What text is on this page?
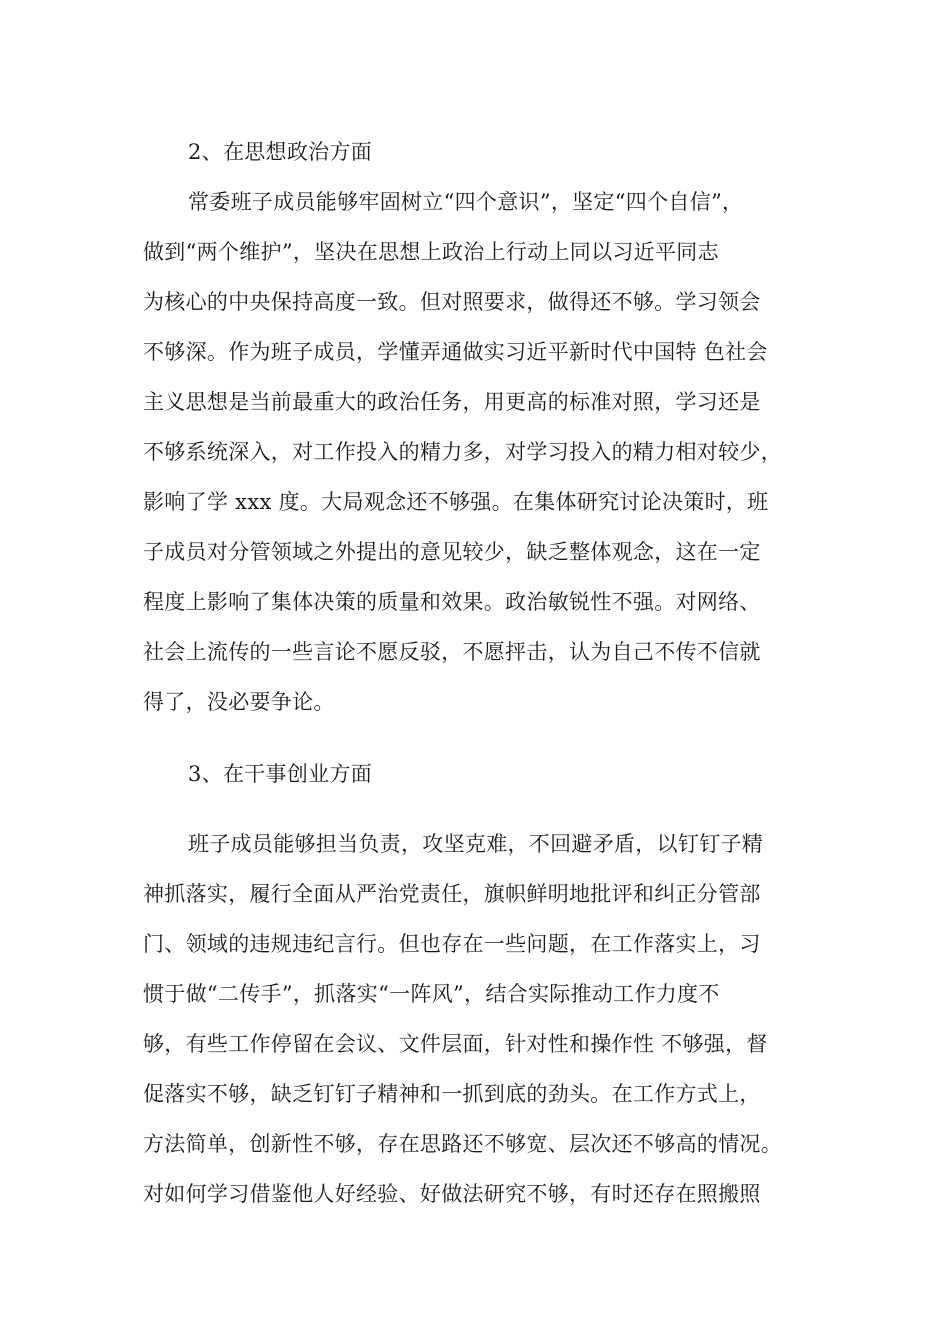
2、在思想政治方面
常委班子成员能够牢固树立“四个意识”，坚定“四个自信”，
做到“两个维护”，坚决在思想上政治上行动上同以习近平同志
为核心的中央保持高度一致。但对照要求，做得还不够。学习领会
不够深。作为班子成员，学懂弄通做实习近平新时代中国特 色社会
主义思想是当前最重大的政治任务，用更高的标准对照，学习还是
不够系统深入，对工作投入的精力多，对学习投入的精力相对较少，
影响了学 xxx 度。大局观念还不够强。在集体研究讨论决策时，班
子成员对分管领域之外提出的意见较少，缺乏整体观念，这在一定
程度上影响了集体决策的质量和效果。政治敏锐性不强。对网络、
社会上流传的一些言论不愿反驳，不愿抨击，认为自己不传不信就
得了，没必要争论。
3、在干事创业方面
班子成员能够担当负责，攻坚克难，不回避矛盾，以钉钉子精
神抓落实，履行全面从严治党责任，旗帜鲜明地批评和纠正分管部
门、领域的违规违纪言行。但也存在一些问题，在工作落实上，习
惯于做“二传手”，抓落实“一阵风”，结合实际推动工作力度不
够，有些工作停留在会议、文件层面，针对性和操作性 不够强，督
促落实不够，缺乏钉钉子精神和一抓到底的劲头。在工作方式上，
方法简单，创新性不够，存在思路还不够宽、层次还不够高的情况。
对如何学习借鉴他人好经验、好做法研究不够，有时还存在照搬照
